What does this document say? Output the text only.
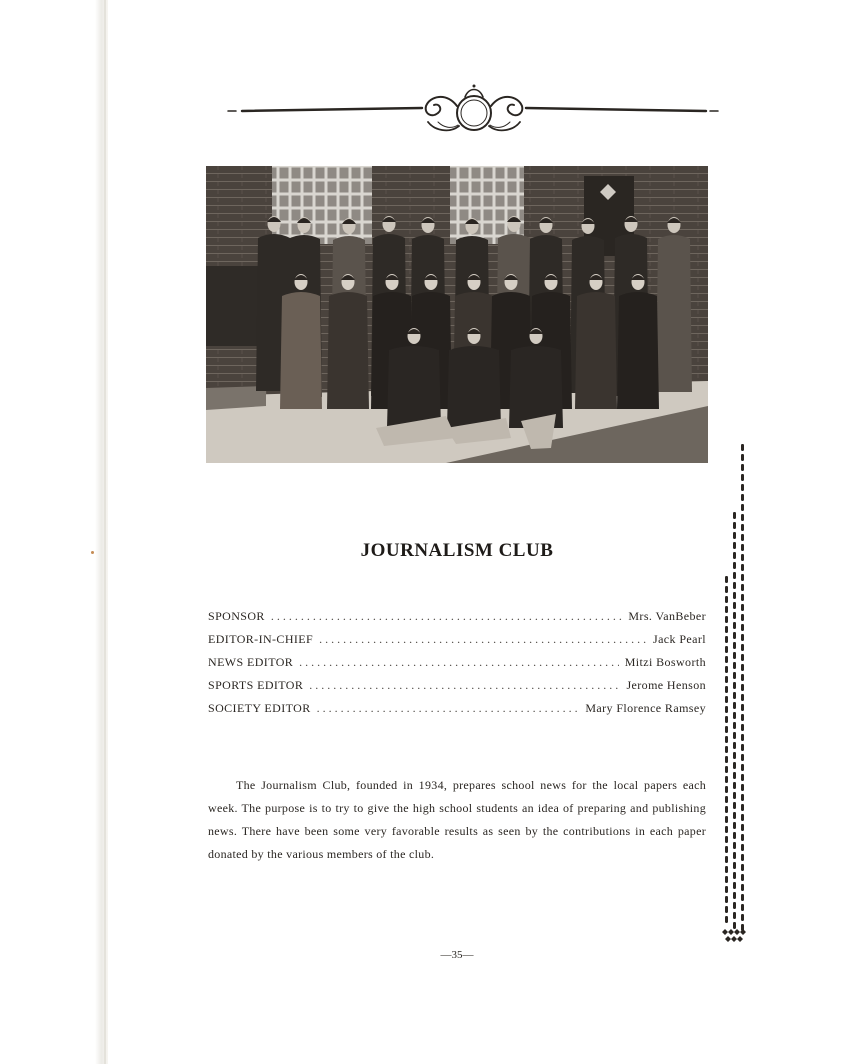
JOURNALISM CLUB
SPONSOR . . .	Mrs. VanBeber
EDITOR-IN-CHIEF . . .	Jack Pearl
NEWS EDITOR . . .	Mitzi Bosworth
SPORTS EDITOR . . .	Jerome Henson
SOCIETY EDITOR . . .	Mary Florence Ramsey

The Journalism Club, founded in 1934, prepares school news for the local papers each week. The purpose is to try to give the high school students an idea of preparing and publishing news. There have been some very favorable results as seen by the contributions in each paper donated by the various members of the club.

—35—
